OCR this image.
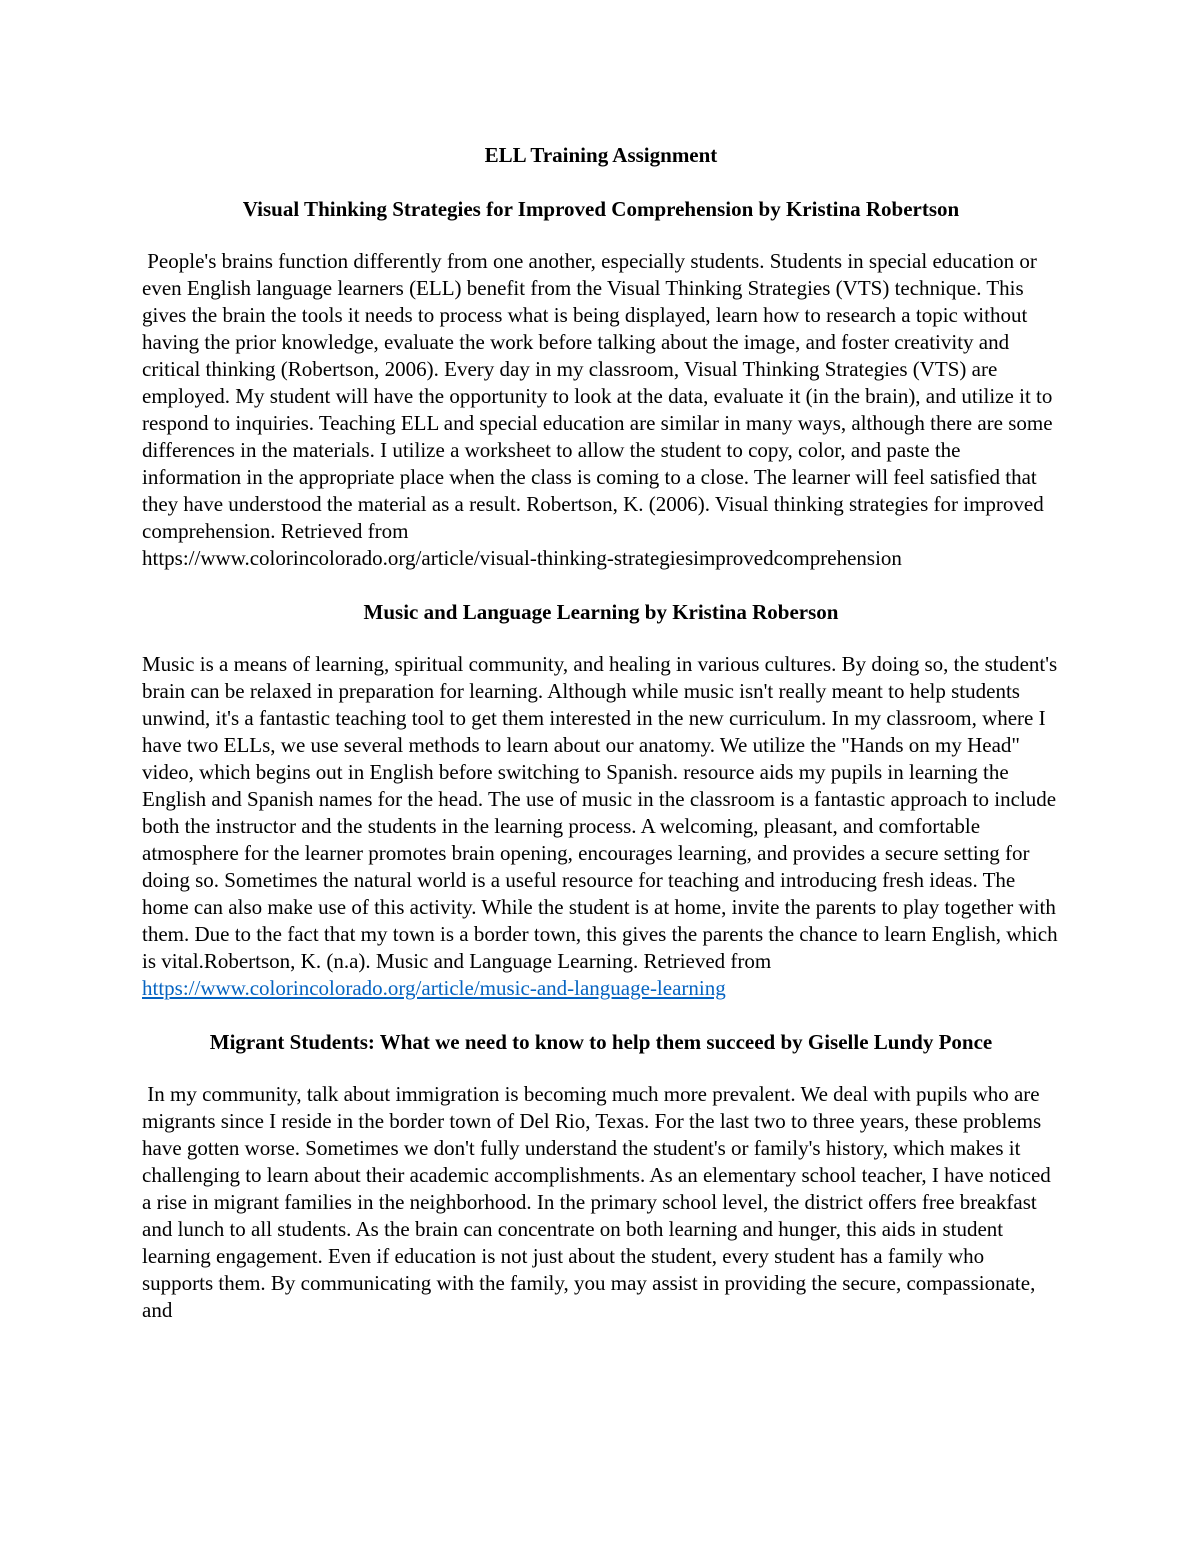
ELL Training Assignment
Visual Thinking Strategies for Improved Comprehension by Kristina Robertson
People's brains function differently from one another, especially students. Students in special education or even English language learners (ELL) benefit from the Visual Thinking Strategies (VTS) technique. This gives the brain the tools it needs to process what is being displayed, learn how to research a topic without having the prior knowledge, evaluate the work before talking about the image, and foster creativity and critical thinking (Robertson, 2006). Every day in my classroom, Visual Thinking Strategies (VTS) are employed. My student will have the opportunity to look at the data, evaluate it (in the brain), and utilize it to respond to inquiries. Teaching ELL and special education are similar in many ways, although there are some differences in the materials. I utilize a worksheet to allow the student to copy, color, and paste the information in the appropriate place when the class is coming to a close. The learner will feel satisfied that they have understood the material as a result. Robertson, K. (2006). Visual thinking strategies for improved comprehension. Retrieved from
https://www.colorincolorado.org/article/visual-thinking-strategiesimprovedcomprehension
Music and Language Learning by Kristina Roberson
Music is a means of learning, spiritual community, and healing in various cultures. By doing so, the student's brain can be relaxed in preparation for learning. Although while music isn't really meant to help students unwind, it's a fantastic teaching tool to get them interested in the new curriculum. In my classroom, where I have two ELLs, we use several methods to learn about our anatomy. We utilize the "Hands on my Head" video, which begins out in English before switching to Spanish. resource aids my pupils in learning the English and Spanish names for the head. The use of music in the classroom is a fantastic approach to include both the instructor and the students in the learning process. A welcoming, pleasant, and comfortable atmosphere for the learner promotes brain opening, encourages learning, and provides a secure setting for doing so. Sometimes the natural world is a useful resource for teaching and introducing fresh ideas. The home can also make use of this activity. While the student is at home, invite the parents to play together with them. Due to the fact that my town is a border town, this gives the parents the chance to learn English, which is vital.Robertson, K. (n.a). Music and Language Learning. Retrieved from https://www.colorincolorado.org/article/music-and-language-learning
Migrant Students: What we need to know to help them succeed by Giselle Lundy Ponce
In my community, talk about immigration is becoming much more prevalent. We deal with pupils who are migrants since I reside in the border town of Del Rio, Texas. For the last two to three years, these problems have gotten worse. Sometimes we don't fully understand the student's or family's history, which makes it challenging to learn about their academic accomplishments. As an elementary school teacher, I have noticed a rise in migrant families in the neighborhood. In the primary school level, the district offers free breakfast and lunch to all students. As the brain can concentrate on both learning and hunger, this aids in student learning engagement. Even if education is not just about the student, every student has a family who supports them. By communicating with the family, you may assist in providing the secure, compassionate, and
